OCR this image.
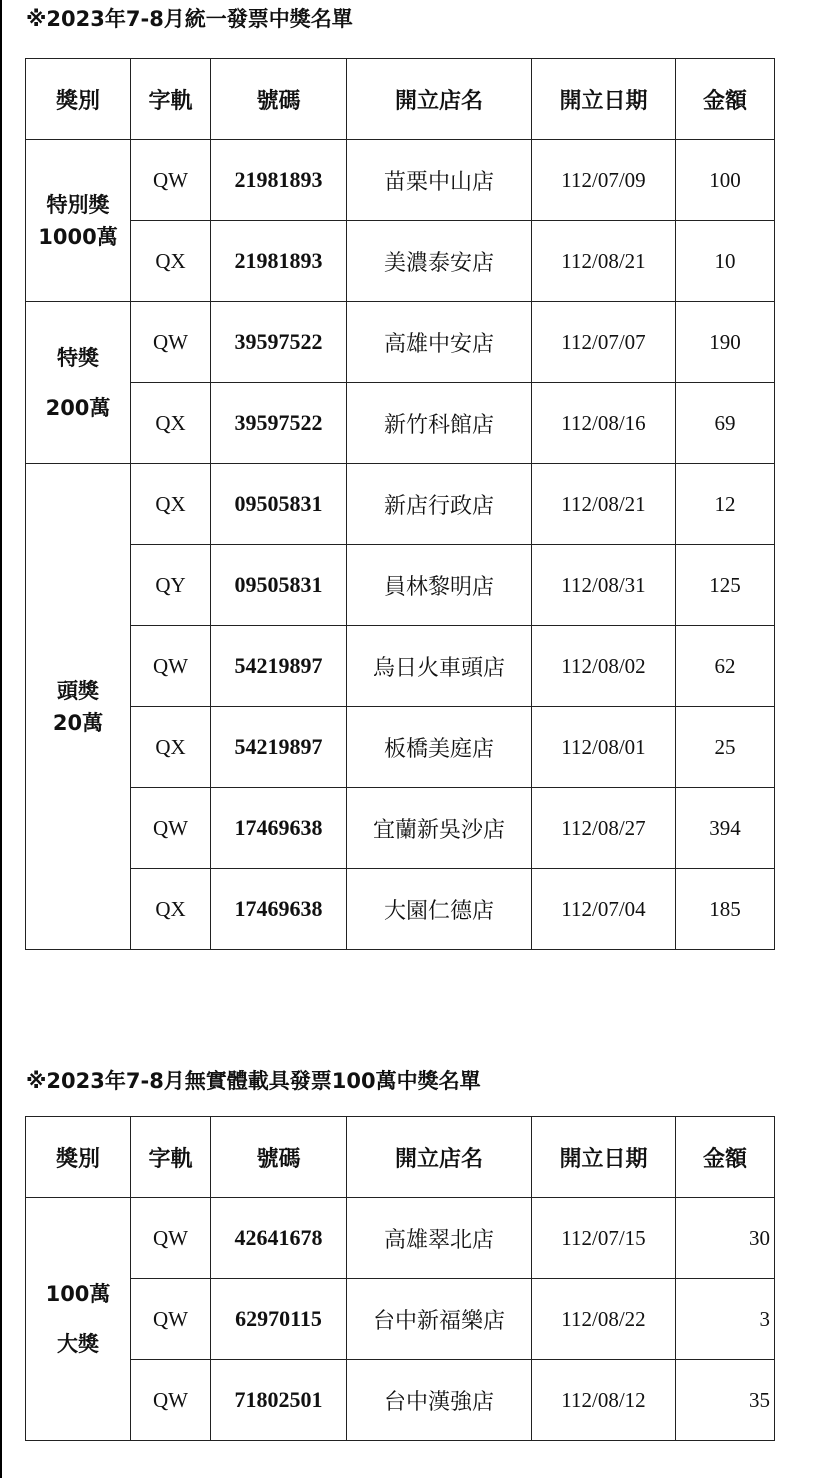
※2023年7-8月統一發票中獎名單
獎別	字軌	號碼	開立店名	開立日期	金額
特別獎
1000萬	QW	21981893	苗栗中山店	112/07/09	100
	QX	21981893	美濃泰安店	112/08/21	10
特獎
200萬	QW	39597522	高雄中安店	112/07/07	190
	QX	39597522	新竹科館店	112/08/16	69
頭獎
20萬	QX	09505831	新店行政店	112/08/21	12
	QY	09505831	員林黎明店	112/08/31	125
	QW	54219897	烏日火車頭店	112/08/02	62
	QX	54219897	板橋美庭店	112/08/01	25
	QW	17469638	宜蘭新吳沙店	112/08/27	394
	QX	17469638	大園仁德店	112/07/04	185
※2023年7-8月無實體載具發票100萬中獎名單
獎別	字軌	號碼	開立店名	開立日期	金額
100萬
大獎	QW	42641678	高雄翠北店	112/07/15	30
	QW	62970115	台中新福樂店	112/08/22	3
	QW	71802501	台中漢強店	112/08/12	35
